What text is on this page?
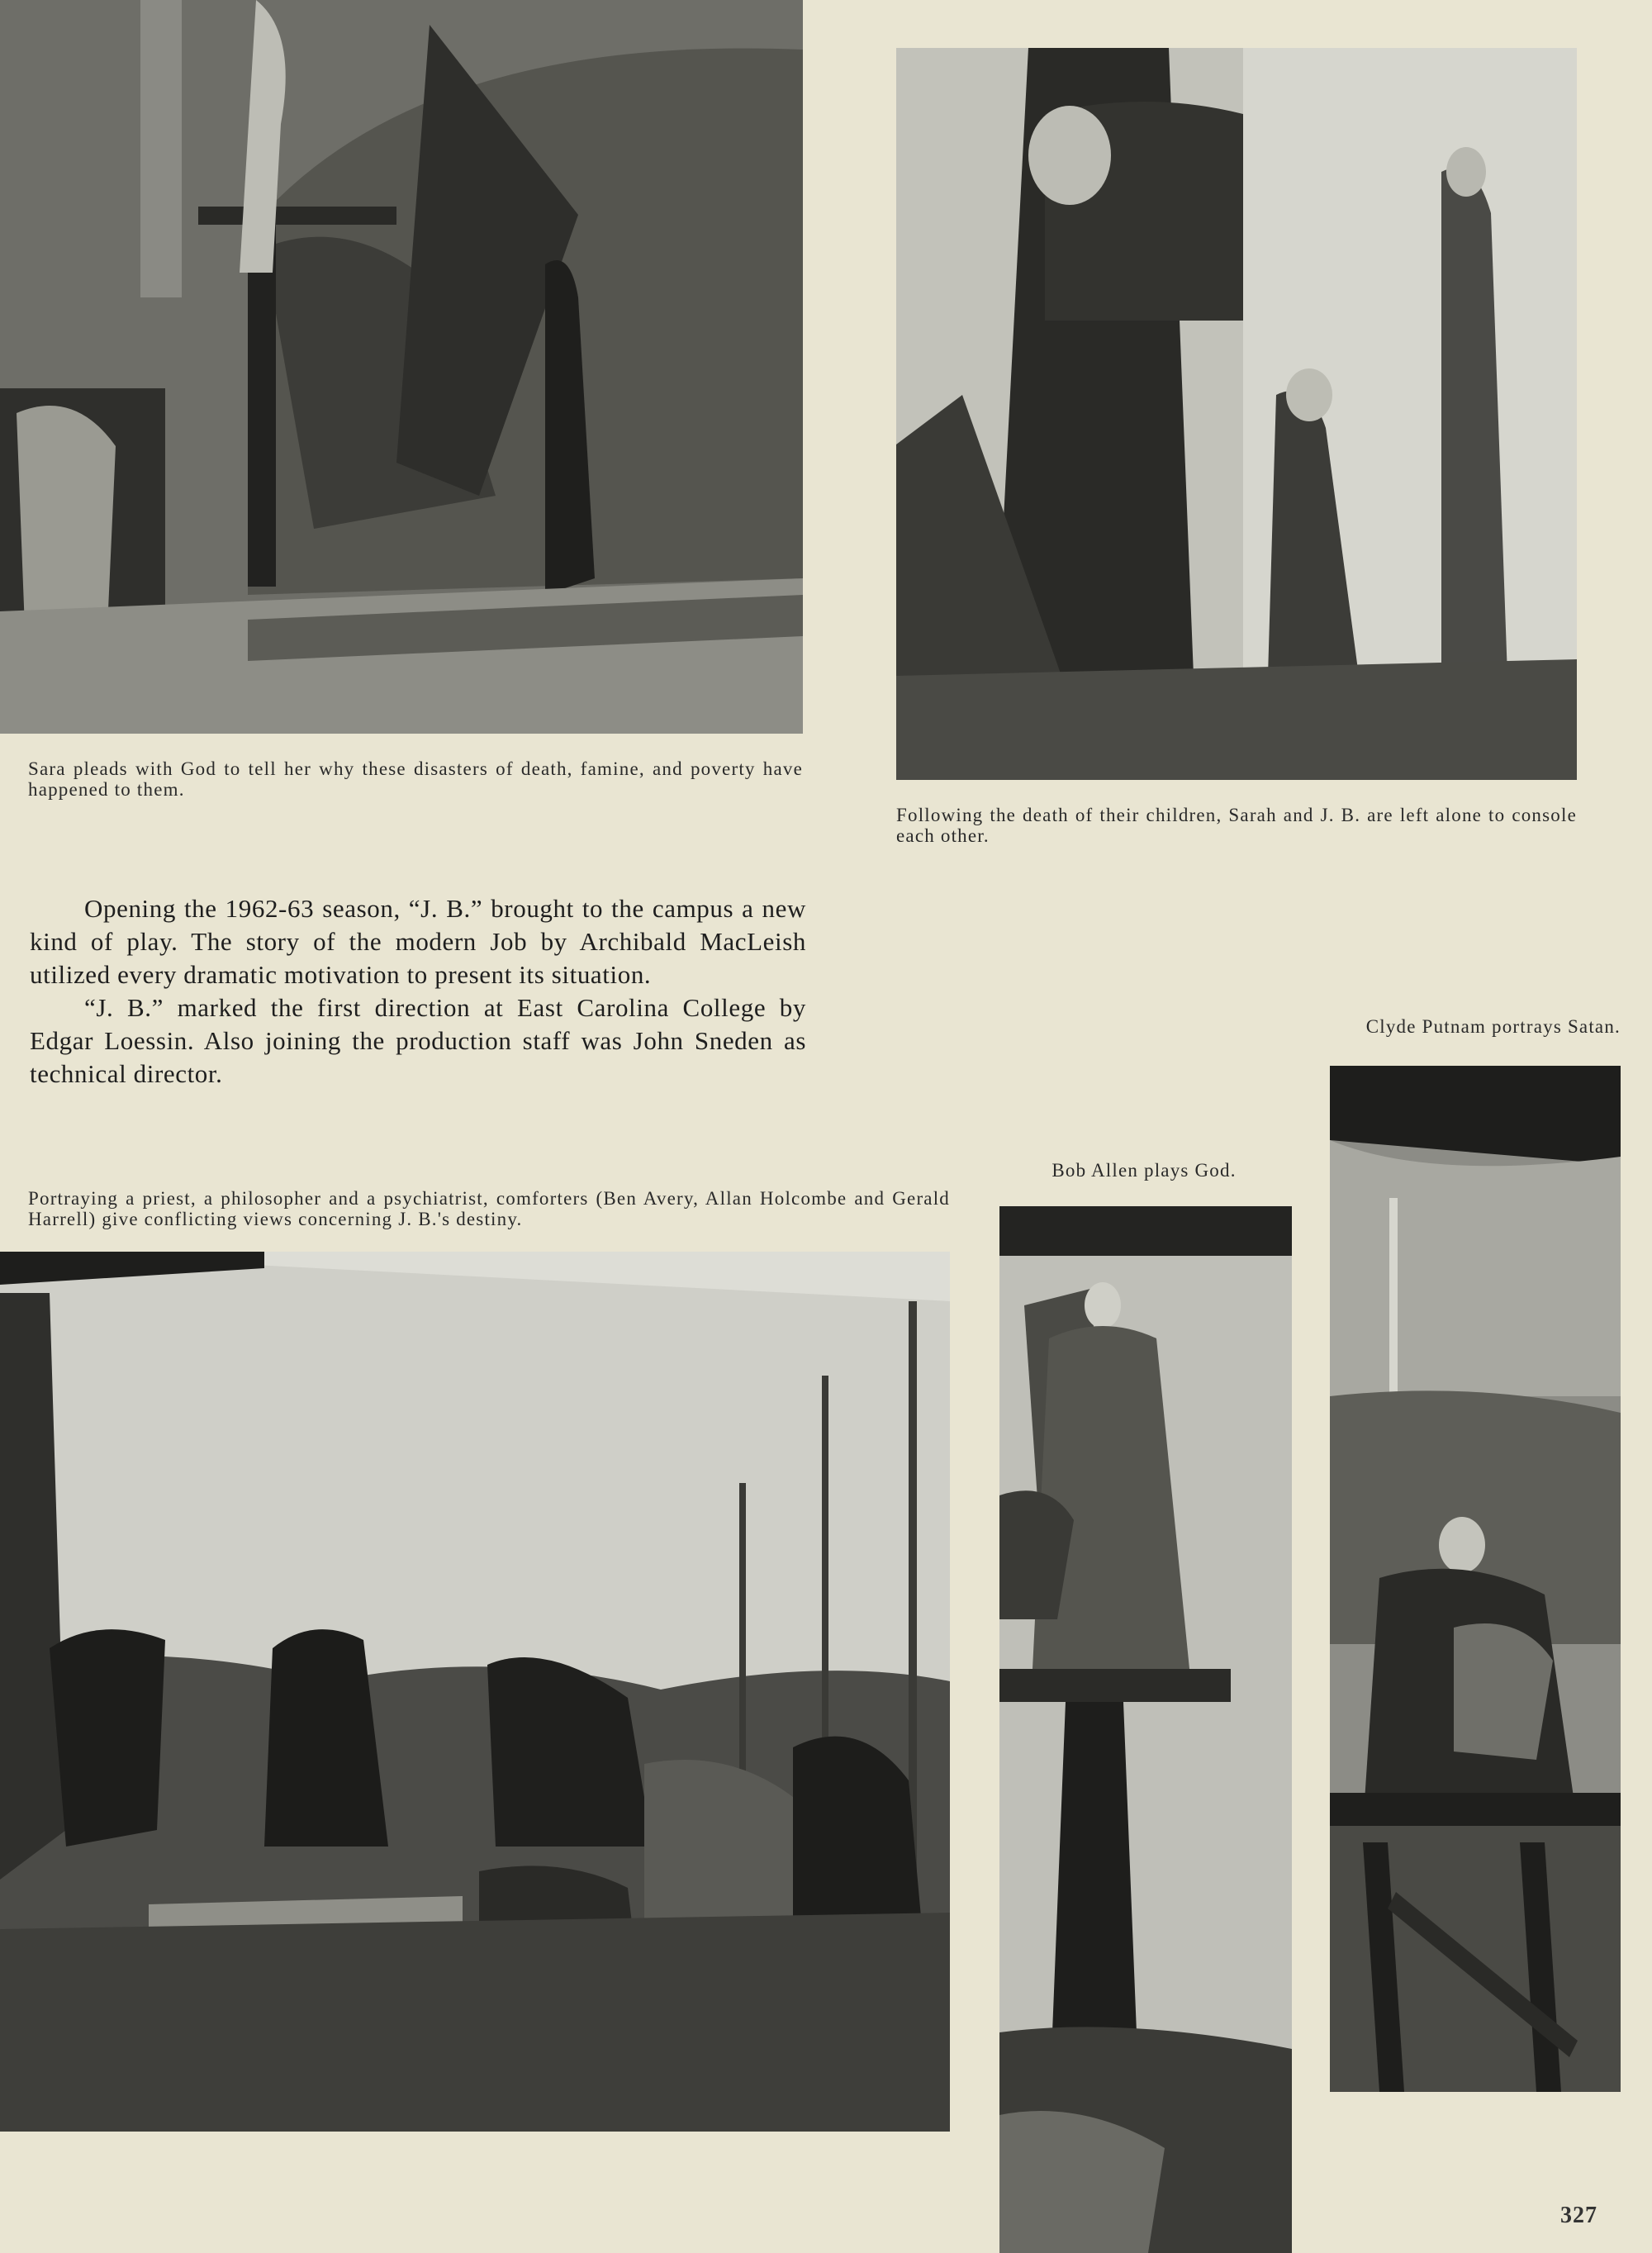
Sara pleads with God to tell her why these disasters of death, famine, and poverty have happened to them.
Following the death of their children, Sarah and J. B. are left alone to console each other.

Opening the 1962-63 season, “J. B.” brought to the campus a new kind of play. The story of the modern Job by Archibald MacLeish utilized every dramatic motivation to present its situation.

“J. B.” marked the first direction at East Carolina College by Edgar Loessin. Also joining the production staff was John Sneden as technical director.

Clyde Putnam portrays Satan.
Bob Allen plays God.
Portraying a priest, a philosopher and a psychiatrist, comforters (Ben Avery, Allan Holcombe and Gerald Harrell) give conflicting views concerning J. B.'s destiny.
327
